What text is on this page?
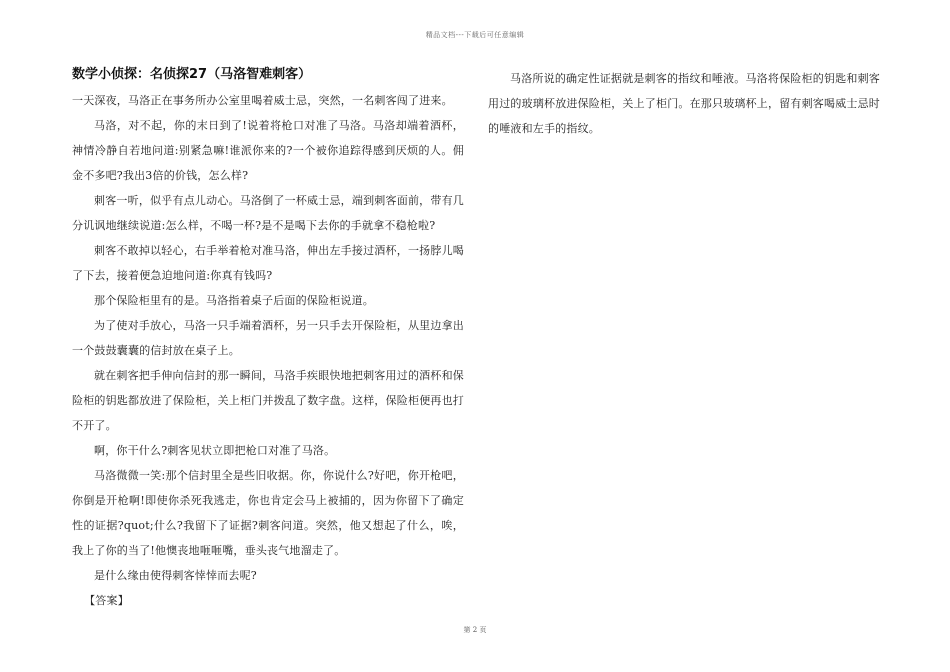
精品文档---下载后可任意编辑
数学小侦探：名侦探27（马洛智难刺客）

一天深夜，马洛正在事务所办公室里喝着威士忌，突然，一名刺客闯了进来。

马洛，对不起，你的末日到了!说着将枪口对准了马洛。马洛却端着酒杯，神情冷静自若地问道:别紧急嘛!谁派你来的?一个被你追踪得感到厌烦的人。佣金不多吧?我出3倍的价钱，怎么样?

刺客一听，似乎有点儿动心。马洛倒了一杯威士忌，端到刺客面前，带有几分讥讽地继续说道:怎么样，不喝一杯?是不是喝下去你的手就拿不稳枪啦?

刺客不敢掉以轻心，右手举着枪对准马洛，伸出左手接过酒杯，一扬脖儿喝了下去，接着便急迫地问道:你真有钱吗?

那个保险柜里有的是。马洛指着桌子后面的保险柜说道。

为了使对手放心，马洛一只手端着酒杯，另一只手去开保险柜，从里边拿出一个鼓鼓囊囊的信封放在桌子上。

就在刺客把手伸向信封的那一瞬间，马洛手疾眼快地把刺客用过的酒杯和保险柜的钥匙都放进了保险柜，关上柜门并拨乱了数字盘。这样，保险柜便再也打不开了。

啊，你干什么?刺客见状立即把枪口对准了马洛。

马洛微微一笑:那个信封里全是些旧收据。你，你说什么?好吧，你开枪吧，你倒是开枪啊!即使你杀死我逃走，你也肯定会马上被捕的，因为你留下了确定性的证据?quot;什么?我留下了证据?刺客问道。突然，他又想起了什么，唉，我上了你的当了!他懊丧地咂咂嘴，垂头丧气地溜走了。

是什么缘由使得刺客悻悻而去呢?

【答案】

马洛所说的确定性证据就是刺客的指纹和唾液。马洛将保险柜的钥匙和刺客用过的玻璃杯放进保险柜，关上了柜门。在那只玻璃杯上，留有刺客喝威士忌时的唾液和左手的指纹。

第 2 页
